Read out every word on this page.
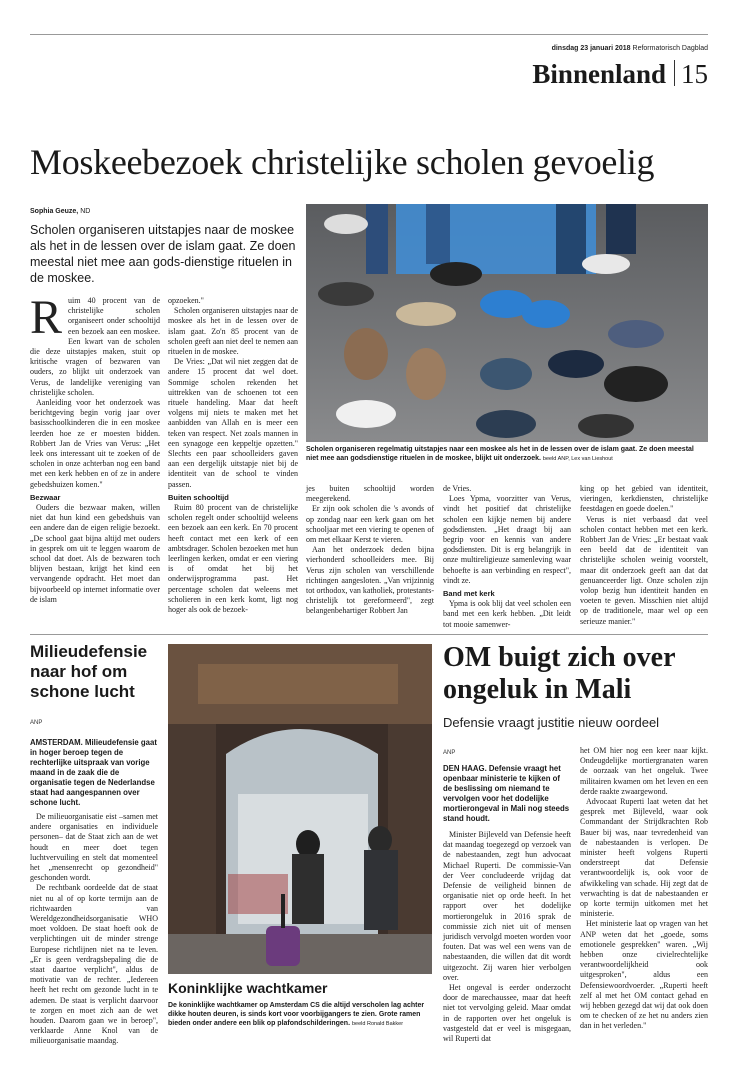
dinsdag 23 januari 2018 Reformatorisch Dagblad
Binnenland 15
Moskeebezoek christelijke scholen gevoelig
Sophia Geuze, ND
Scholen organiseren uitstapjes naar de moskee als het in de lessen over de islam gaat. Ze doen meestal niet mee aan gods-dienstige rituelen in de moskee.
R uim 40 procent van de christelijke scholen organiseert onder schooltijd een bezoek aan een moskee. Een kwart van de scholen die deze uitstapjes maken, stuit op kritische vragen of bezwaren van ouders, zo blijkt uit onderzoek van Verus, de landelijke vereniging van christelijke scholen.

Aanleiding voor het onderzoek was berichtgeving begin vorig jaar over basisschoolkinderen die in een moskee leerden hoe ze er moesten bidden. Robbert Jan de Vries van Verus: „Het leek ons interessant uit te zoeken of de scholen in onze achterban nog een band met een kerk hebben en of ze in andere gebedshuizen komen."

Bezwaar

Ouders die bezwaar maken, willen niet dat hun kind een gebedshuis van een andere dan de eigen religie bezoekt. „De school gaat bijna altijd met ouders in gesprek om uit te leggen waarom de school dat doet. Als de bezwaren toch blijven bestaan, krijgt het kind een vervangende opdracht. Het moet dan bijvoorbeeld op internet informatie over de islam

opzoeken."

Scholen organiseren uitstapjes naar de moskee als het in de lessen over de islam gaat. Zo'n 85 procent van de scholen geeft aan niet deel te nemen aan rituelen in de moskee.

De Vries: „Dat wil niet zeggen dat de andere 15 procent dat wel doet. Sommige scholen rekenden het uittrekken van de schoenen tot een rituele handeling. Maar dat heeft volgens mij niets te maken met het aanbidden van Allah en is meer een teken van respect. Net zoals mannen in een synagoge een keppeltje opzetten." Slechts een paar schoolleiders gaven aan een dergelijk uitstapje niet bij de identiteit van de school te vinden passen.

Buiten schooltijd

Ruim 80 procent van de christelijke scholen regelt onder schooltijd weleens een bezoek aan een kerk. En 70 procent heeft contact met een kerk of een ambtsdrager. Scholen bezoeken met hun leerlingen kerken, omdat er een viering is of omdat het bij het onderwijsprogramma past. Het percentage scholen dat weleens met scholieren in een kerk komt, ligt nog hoger als ook de bezoek-

Scholen organiseren regelmatig uitstapjes naar een moskee als het in de lessen over de islam gaat. Ze doen meestal niet mee aan godsdienstige rituelen in de moskee, blijkt uit onderzoek. beeld ANP, Lex van Lieshout

jes buiten schooltijd worden meegerekend.

Er zijn ook scholen die 's avonds of op zondag naar een kerk gaan om het schooljaar met een viering te openen of om met elkaar Kerst te vieren.

Aan het onderzoek deden bijna vierhonderd schoolleiders mee. Bij Verus zijn scholen van verschillende richtingen aangesloten. „Van vrijzinnig tot orthodox, van katholiek, protestants-christelijk tot gereformeerd", zegt belangenbehartiger Robbert Jan

de Vries.

Loes Ypma, voorzitter van Verus, vindt het positief dat christelijke scholen een kijkje nemen bij andere godsdiensten. „Het draagt bij aan begrip voor en kennis van andere godsdiensten. Dit is erg belangrijk in onze multireligieuze samenleving waar behoefte is aan verbinding en respect", vindt ze.

Band met kerk

Ypma is ook blij dat veel scholen een band met een kerk hebben. „Dit leidt tot mooie samenwer-

king op het gebied van identiteit, vieringen, kerkdiensten, christelijke feestdagen en goede doelen."

Verus is niet verbaasd dat veel scholen contact hebben met een kerk. Robbert Jan de Vries: „Er bestaat vaak een beeld dat de identiteit van christelijke scholen weinig voorstelt, maar dit onderzoek geeft aan dat dat genuanceerder ligt. Onze scholen zijn volop bezig hun identiteit handen en voeten te geven. Misschien niet altijd op de traditionele, maar wel op een serieuze manier."

Milieudefensie naar hof om schone lucht
ANP
AMSTERDAM. Milieudefensie gaat in hoger beroep tegen de rechterlijke uitspraak van vorige maand in de zaak die de organisatie tegen de Nederlandse staat had aangespannen over schone lucht.

De milieuorganisatie eist –samen met andere organisaties en individuele personen– dat de Staat zich aan de wet houdt en meer doet tegen luchtvervuiling en stelt dat momenteel het „mensenrecht op gezondheid" geschonden wordt.

De rechtbank oordeelde dat de staat niet nu al of op korte termijn aan de richtwaarden van Wereldgezondheidsorganisatie WHO moet voldoen. De staat hoeft ook de verplichtingen uit de minder strenge Europese richtlijnen niet na te leven. „Er is geen verdragsbepaling die de staat daartoe verplicht", aldus de motivatie van de rechter. „Iedereen heeft het recht om gezonde lucht in te ademen. De staat is verplicht daarvoor te zorgen en moet zich aan de wet houden. Daarom gaan we in beroep", verklaarde Anne Knol van de milieuorganisatie maandag.

Koninklijke wachtkamer
De koninklijke wachtkamer op Amsterdam CS die altijd verscholen lag achter dikke houten deuren, is sinds kort voor voorbijgangers te zien. Grote ramen bieden onder andere een blik op plafondschilderingen. beeld Ronald Bakker
OM buigt zich over ongeluk in Mali
Defensie vraagt justitie nieuw oordeel
ANP
DEN HAAG. Defensie vraagt het openbaar ministerie te kijken of de beslissing om niemand te vervolgen voor het dodelijke mortierongeval in Mali nog steeds stand houdt.

Minister Bijleveld van Defensie heeft dat maandag toegezegd op verzoek van de nabestaanden, zegt hun advocaat Michael Ruperti. De commissie-Van der Veer concludeerde vrijdag dat Defensie de veiligheid binnen de organisatie niet op orde heeft. In het rapport over het dodelijke mortierongeluk in 2016 sprak de commissie zich niet uit of mensen juridisch vervolgd moeten worden voor fouten. Dat was wel een wens van de nabestaanden, die willen dat dit wordt uitgezocht. Zij waren hier verbolgen over.

Het ongeval is eerder onderzocht door de marechaussee, maar dat heeft niet tot vervolging geleid. Maar omdat in de rapporten over het ongeluk is vastgesteld dat er veel is misgegaan, wil Ruperti dat

het OM hier nog een keer naar kijkt. Ondeugdelijke mortiergranaten waren de oorzaak van het ongeluk. Twee militairen kwamen om het leven en een derde raakte zwaargewond.

Advocaat Ruperti laat weten dat het gesprek met Bijleveld, waar ook Commandant der Strijdkrachten Rob Bauer bij was, naar tevredenheid van de nabestaanden is verlopen. De minister heeft volgens Ruperti onderstreept dat Defensie verantwoordelijk is, ook voor de afwikkeling van schade. Hij zegt dat de verwachting is dat de nabestaanden er op korte termijn uitkomen met het ministerie.

Het ministerie laat op vragen van het ANP weten dat het „goede, soms emotionele gesprekken" waren. „Wij hebben onze civielrechtelijke verantwoordelijkheid ook uitgesproken", aldus een Defensiewoordvoerder. „Ruperti heeft zelf al met het OM contact gehad en wij hebben gezegd dat wij dat ook doen om te checken of ze het nu anders zien dan in het verleden."
